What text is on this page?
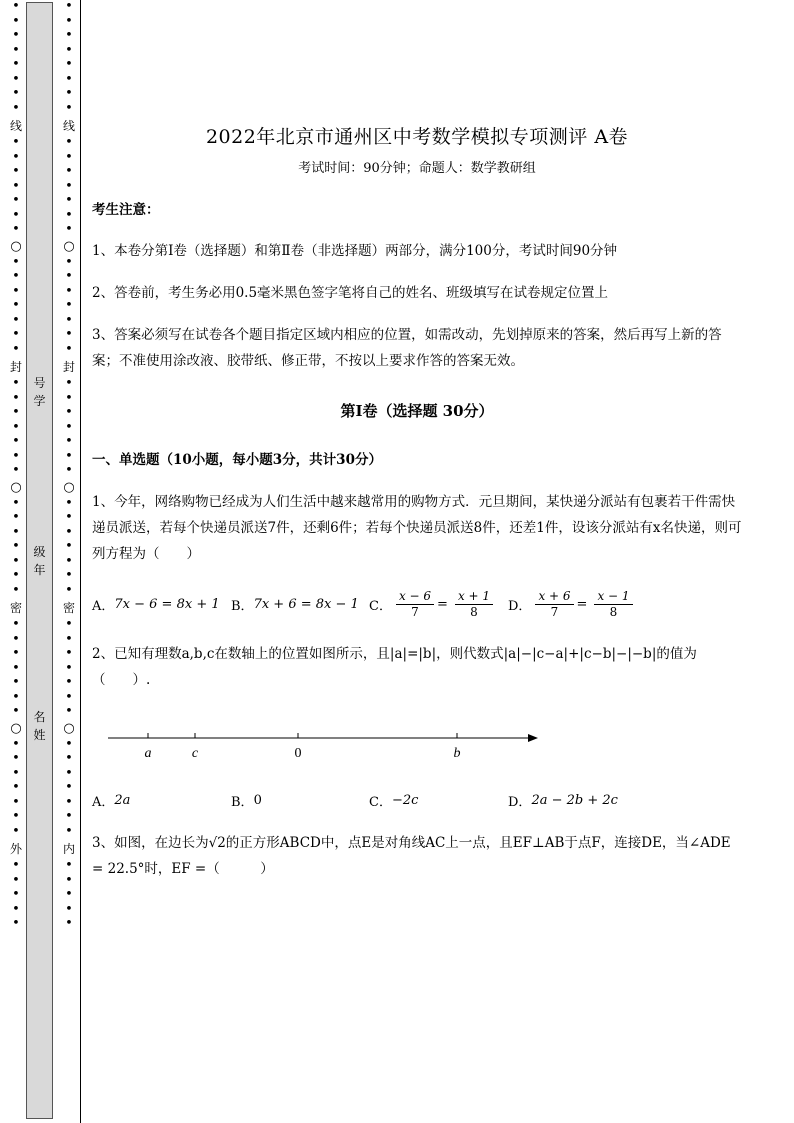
•
•
•
•
•
•
•
•
线
•
•
•
•
•
•
•
○
•
•
•
•
•
•
•
封
•
•
•
•
•
•
•
○
•
•
•
•
•
•
•
密
•
•
•
•
•
•
•
○
•
•
•
•
•
•
•
外
•
•
•
•
•
•
•
•
•
•
•
•
•
线
•
•
•
•
•
•
•
○
•
•
•
•
•
•
•
封
•
•
•
•
•
•
•
○
•
•
•
•
•
•
•
密
•
•
•
•
•
•
•
○
•
•
•
•
•
•
•
内
•
•
•
•
•
号
学
级
年
名
姓
2022年北京市通州区中考数学模拟专项测评 A卷
考试时间：90分钟；命题人：数学教研组
考生注意：
1、本卷分第I卷（选择题）和第Ⅱ卷（非选择题）两部分，满分100分，考试时间90分钟
2、答卷前，考生务必用0.5毫米黑色签字笔将自己的姓名、班级填写在试卷规定位置上
3、答案必须写在试卷各个题目指定区域内相应的位置，如需改动，先划掉原来的答案，然后再写上新的答案；不准使用涂改液、胶带纸、修正带，不按以上要求作答的答案无效。
第I卷（选择题 30分）
一、单选题（10小题，每小题3分，共计30分）
1、今年，网络购物已经成为人们生活中越来越常用的购物方式．元旦期间，某快递分派站有包裹若干件需快递员派送，若每个快递员派送7件，还剩6件；若每个快递员派送8件，还差1件，设该分派站有x名快递，则可列方程为（　　）
A． 7x − 6 = 8x + 1 B． 7x + 6 = 8x − 1 C． $\frac{x - 6}{7} = \frac{x + 1}{8}$ D． $\frac{x + 6}{7} = \frac{x - 1}{8}$
2、已知有理数a,b,c在数轴上的位置如图所示，且|a|=|b|，则代数式|a|−|c−a|+|c−b|−|−b|的值为（　　）.
a	c	0	b
A． 2a	B． 0	C． −2c	D． 2a − 2b + 2c
3、如图，在边长为√2的正方形ABCD中，点E是对角线AC上一点，且EF⊥AB于点F，连接DE，当∠ADE = 22.5°时，EF =（　　　）
